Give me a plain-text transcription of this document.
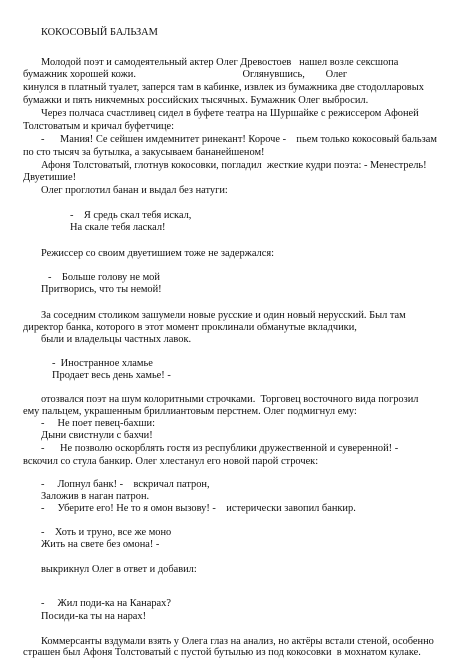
КОКОСОВЫЙ БАЛЬЗАМ
Молодой поэт и самодеятельный актер Олег Древостоев   нашел возле сексшопа
бумажник хорошей кожи.                                         Оглянувшись,        Олег
кинулся в платный туалет, заперся там в кабинке, извлек из бумажника две стодолларовых
бумажки и пять никчемных российских тысячных. Бумажник Олег выбросил.
Через полчаса счастливец сидел в буфете театра на Шуршайке с режиссером Афоней
Толстоватым и кричал буфетчице:
-      Мания! Се сейшен имдемнитет ринекант! Короче -    пьем только кокосовый бальзам
по сто тысяч за бутылка, а закусываем бананейшеном!
Афоня Толстоватый, глотнув кокосовки, погладил  жесткие кудри поэта: - Менестрель!
Двуетишие!
Олег проглотил банан и выдал без натуги:
-    Я средь скал тебя искал,
На скале тебя ласкал!
Режиссер со своим двуетишием тоже не задержался:
-    Больше голову не мой
Притворись, что ты немой!
За соседним столиком зашумели новые русские и один новый нерусский. Был там
директор банка, которого в этот момент проклинали обманутые вкладчики,
были и владельцы частных лавок.
-  Иностранное хламье
Продает весь день хамье! -
отозвался поэт на шум колоритными строчками.  Торговец восточного вида погрозил
ему пальцем, украшенным бриллиантовым перстнем. Олег подмигнул ему:
-     Не поет певец-бахши:
Дыни свистнули с бахчи!
-      Не позволю оскорблять гостя из республики дружественной и суверенной! -
вскочил со стула банкир. Олег хлестанул его новой парой строчек:
-     Лопнул банк! -    вскричал патрон,
Заложив в наган патрон.
-     Уберите его! Не то я омон вызову! -    истерически завопил банкир.
-    Хоть и труно, все же моно
Жить на свете без омона! -
выкрикнул Олег в ответ и добавил:
-     Жил поди-ка на Канарах?
Посиди-ка ты на нарах!
Коммерсанты вздумали взять у Олега глаз на анализ, но актёры встали стеной, особенно
страшен был Афоня Толстоватый с пустой бутылью из под кокосовки  в мохнатом кулаке.
